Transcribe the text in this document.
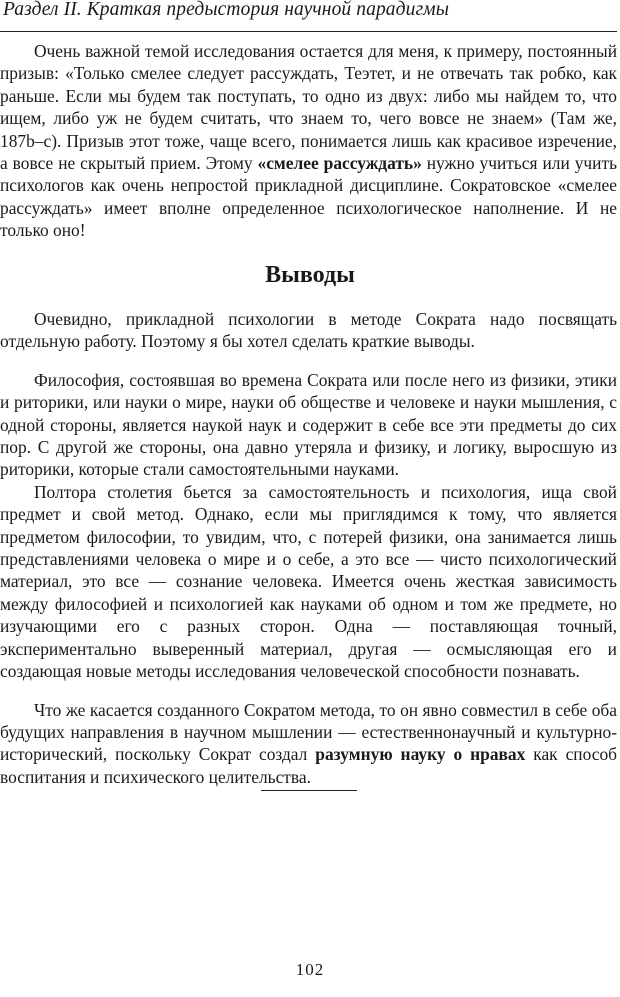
Раздел II. Краткая предыстория научной парадигмы

Очень важной темой исследования остается для меня, к примеру, постоянный призыв: «Только смелее следует рассуждать, Теэтет, и не отвечать так робко, как раньше. Если мы будем так поступать, то одно из двух: либо мы найдем то, что ищем, либо уж не будем считать, что знаем то, чего вовсе не знаем» (Там же, 187b–c). Призыв этот тоже, чаще всего, понимается лишь как красивое изречение, а вовсе не скрытый прием. Этому «смелее рассуждать» нужно учиться или учить психологов как очень непростой прикладной дисциплине. Сократовское «смелее рассуждать» имеет вполне определенное психологическое наполнение. И не только оно!

Выводы

Очевидно, прикладной психологии в методе Сократа надо посвящать отдельную работу. Поэтому я бы хотел сделать краткие выводы.

Философия, состоявшая во времена Сократа или после него из физики, этики и риторики, или науки о мире, науки об обществе и человеке и науки мышления, с одной стороны, является наукой наук и содержит в себе все эти предметы до сих пор. С другой же стороны, она давно утеряла и физику, и логику, выросшую из риторики, которые стали самостоятельными науками.

Полтора столетия бьется за самостоятельность и психология, ища свой предмет и свой метод. Однако, если мы приглядимся к тому, что является предметом философии, то увидим, что, с потерей физики, она занимается лишь представлениями человека о мире и о себе, а это все — чисто психологический материал, это все — сознание человека. Имеется очень жесткая зависимость между философией и психологией как науками об одном и том же предмете, но изучающими его с разных сторон. Одна — поставляющая точный, экспериментально выверенный материал, другая — осмысляющая его и создающая новые методы исследования человеческой способности познавать.

Что же касается созданного Сократом метода, то он явно совместил в себе оба будущих направления в научном мышлении — естественнонаучный и культурно-исторический, поскольку Сократ создал разумную науку о нравах как способ воспитания и психического целительства.

102
